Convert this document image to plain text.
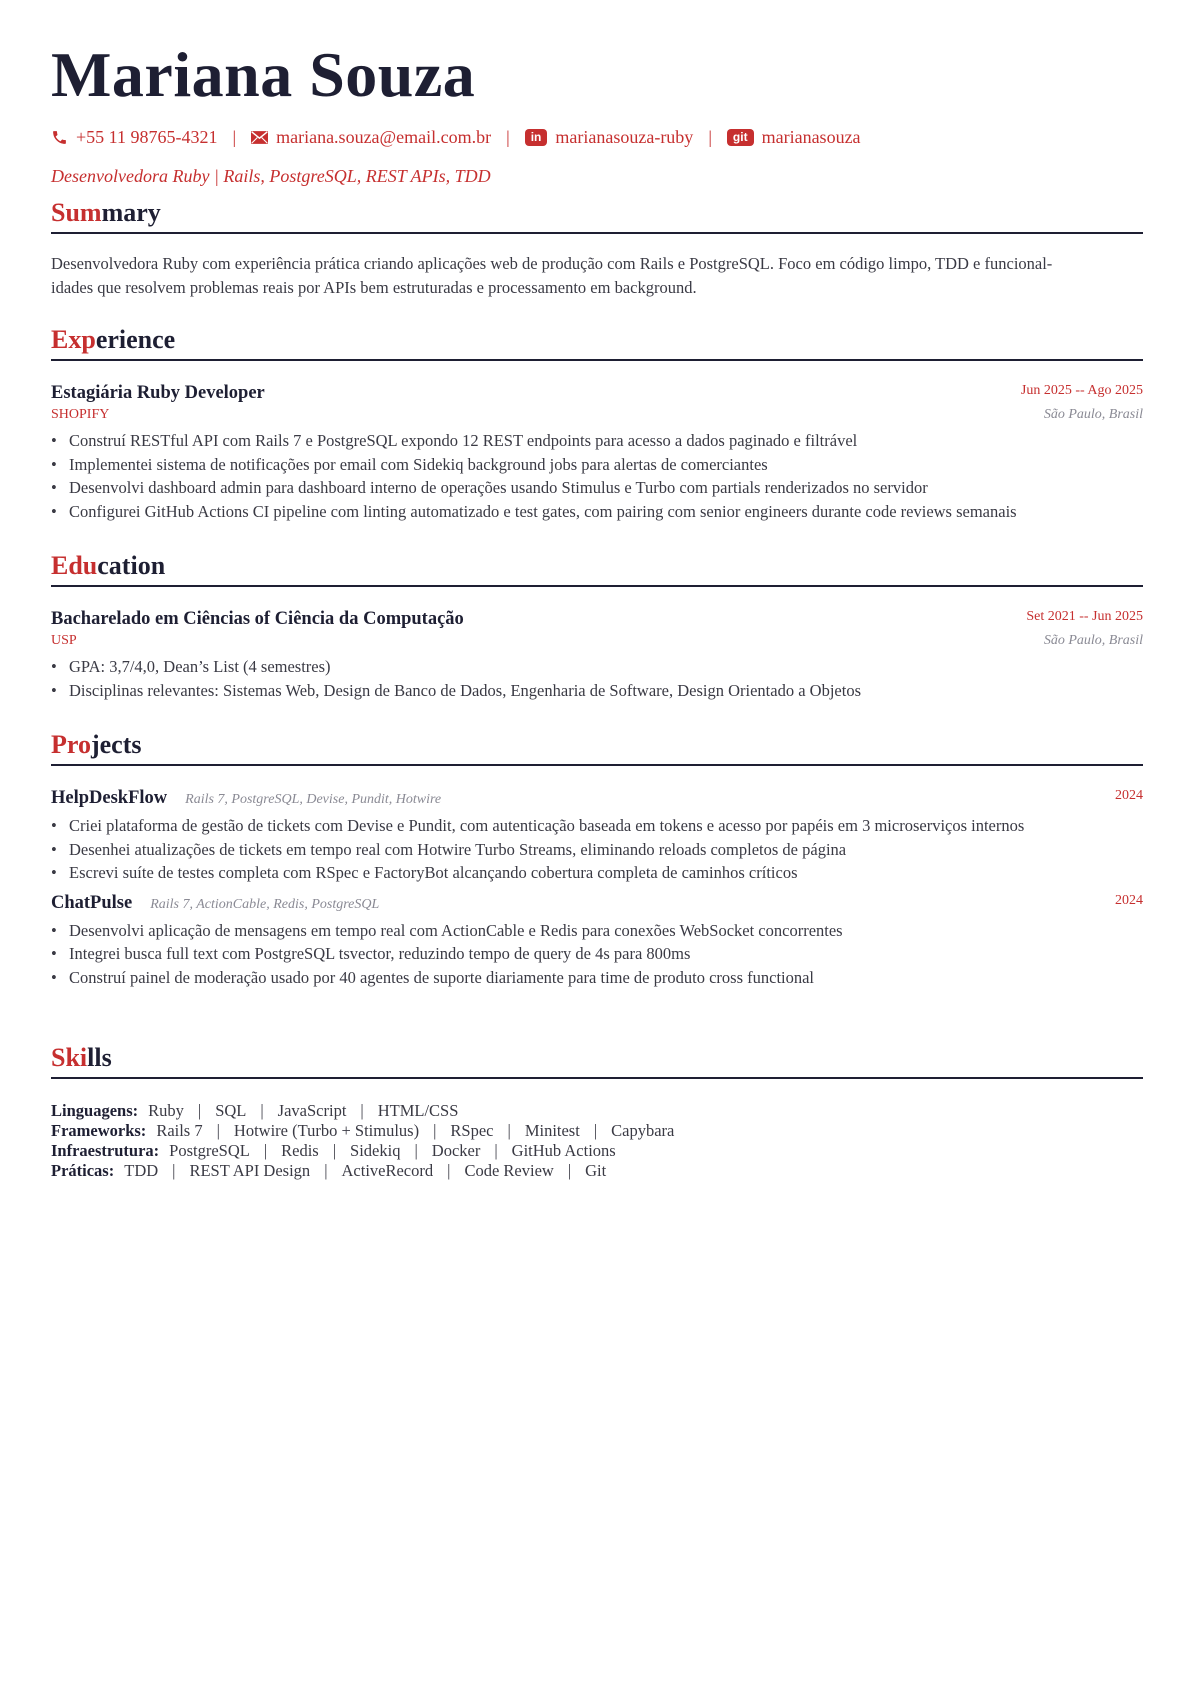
Mariana Souza
+55 11 98765-4321 | mariana.souza@email.com.br |	in marianasouza-ruby |	git marianasouza
Desenvolvedora Ruby | Rails, PostgreSQL, REST APIs, TDD
Summary
Desenvolvedora Ruby com experiência prática criando aplicações web de produção com Rails e PostgreSQL. Foco em código limpo, TDD e funcional-
idades que resolvem problemas reais por APIs bem estruturadas e processamento em background.
Experience
Estagiária Ruby Developer	Jun 2025 -- Ago 2025
SHOPIFY	São Paulo, Brasil
• Construí RESTful API com Rails 7 e PostgreSQL expondo 12 REST endpoints para acesso a dados paginado e filtrável
• Implementei sistema de notificações por email com Sidekiq background jobs para alertas de comerciantes
• Desenvolvi dashboard admin para dashboard interno de operações usando Stimulus e Turbo com partials renderizados no servidor
• Configurei GitHub Actions CI pipeline com linting automatizado e test gates, com pairing com senior engineers durante code reviews semanais
Education
Bacharelado em Ciências of Ciência da Computação	Set 2021 -- Jun 2025
USP	São Paulo, Brasil
• GPA: 3,7/4,0, Dean’s List (4 semestres)
• Disciplinas relevantes: Sistemas Web, Design de Banco de Dados, Engenharia de Software, Design Orientado a Objetos
Projects
HelpDeskFlow Rails 7, PostgreSQL, Devise, Pundit, Hotwire	2024
• Criei plataforma de gestão de tickets com Devise e Pundit, com autenticação baseada em tokens e acesso por papéis em 3 microserviços internos
• Desenhei atualizações de tickets em tempo real com Hotwire Turbo Streams, eliminando reloads completos de página
• Escrevi suíte de testes completa com RSpec e FactoryBot alcançando cobertura completa de caminhos críticos
ChatPulse Rails 7, ActionCable, Redis, PostgreSQL	2024
• Desenvolvi aplicação de mensagens em tempo real com ActionCable e Redis para conexões WebSocket concorrentes
• Integrei busca full text com PostgreSQL tsvector, reduzindo tempo de query de 4s para 800ms
• Construí painel de moderação usado por 40 agentes de suporte diariamente para time de produto cross functional
Skills
Linguagens: Ruby | SQL | JavaScript | HTML/CSS
Frameworks: Rails 7 | Hotwire (Turbo + Stimulus) | RSpec | Minitest | Capybara
Infraestrutura: PostgreSQL | Redis | Sidekiq | Docker | GitHub Actions
Práticas: TDD | REST API Design | ActiveRecord | Code Review | Git
